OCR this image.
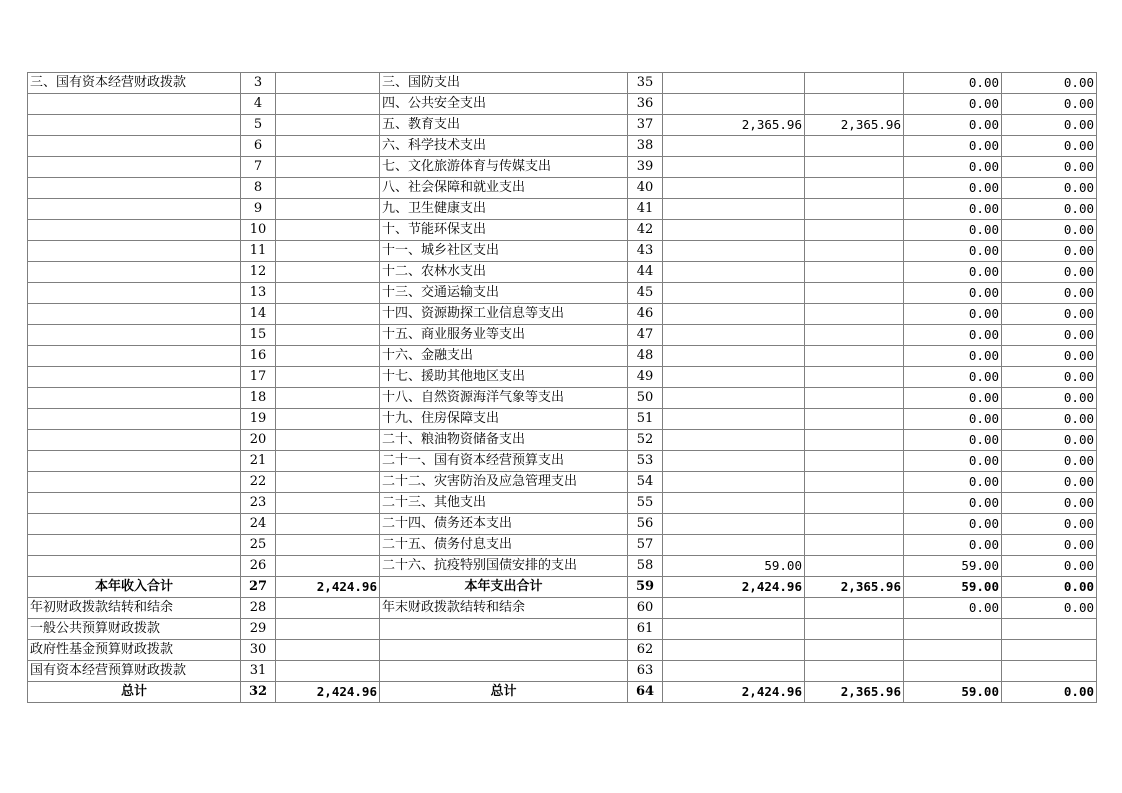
三、国有资本经营财政拨款	3		三、国防支出	35			0.00	0.00
	4		四、公共安全支出	36			0.00	0.00
	5		五、教育支出	37	2,365.96	2,365.96	0.00	0.00
	6		六、科学技术支出	38			0.00	0.00
	7		七、文化旅游体育与传媒支出	39			0.00	0.00
	8		八、社会保障和就业支出	40			0.00	0.00
	9		九、卫生健康支出	41			0.00	0.00
	10		十、节能环保支出	42			0.00	0.00
	11		十一、城乡社区支出	43			0.00	0.00
	12		十二、农林水支出	44			0.00	0.00
	13		十三、交通运输支出	45			0.00	0.00
	14		十四、资源勘探工业信息等支出	46			0.00	0.00
	15		十五、商业服务业等支出	47			0.00	0.00
	16		十六、金融支出	48			0.00	0.00
	17		十七、援助其他地区支出	49			0.00	0.00
	18		十八、自然资源海洋气象等支出	50			0.00	0.00
	19		十九、住房保障支出	51			0.00	0.00
	20		二十、粮油物资储备支出	52			0.00	0.00
	21		二十一、国有资本经营预算支出	53			0.00	0.00
	22		二十二、灾害防治及应急管理支出	54			0.00	0.00
	23		二十三、其他支出	55			0.00	0.00
	24		二十四、债务还本支出	56			0.00	0.00
	25		二十五、债务付息支出	57			0.00	0.00
	26		二十六、抗疫特别国债安排的支出	58	59.00		59.00	0.00
本年收入合计	27	2,424.96	本年支出合计	59	2,424.96	2,365.96	59.00	0.00
年初财政拨款结转和结余	28		年末财政拨款结转和结余	60			0.00	0.00
一般公共预算财政拨款	29			61				
政府性基金预算财政拨款	30			62				
国有资本经营预算财政拨款	31			63				
总计	32	2,424.96	总计	64	2,424.96	2,365.96	59.00	0.00
